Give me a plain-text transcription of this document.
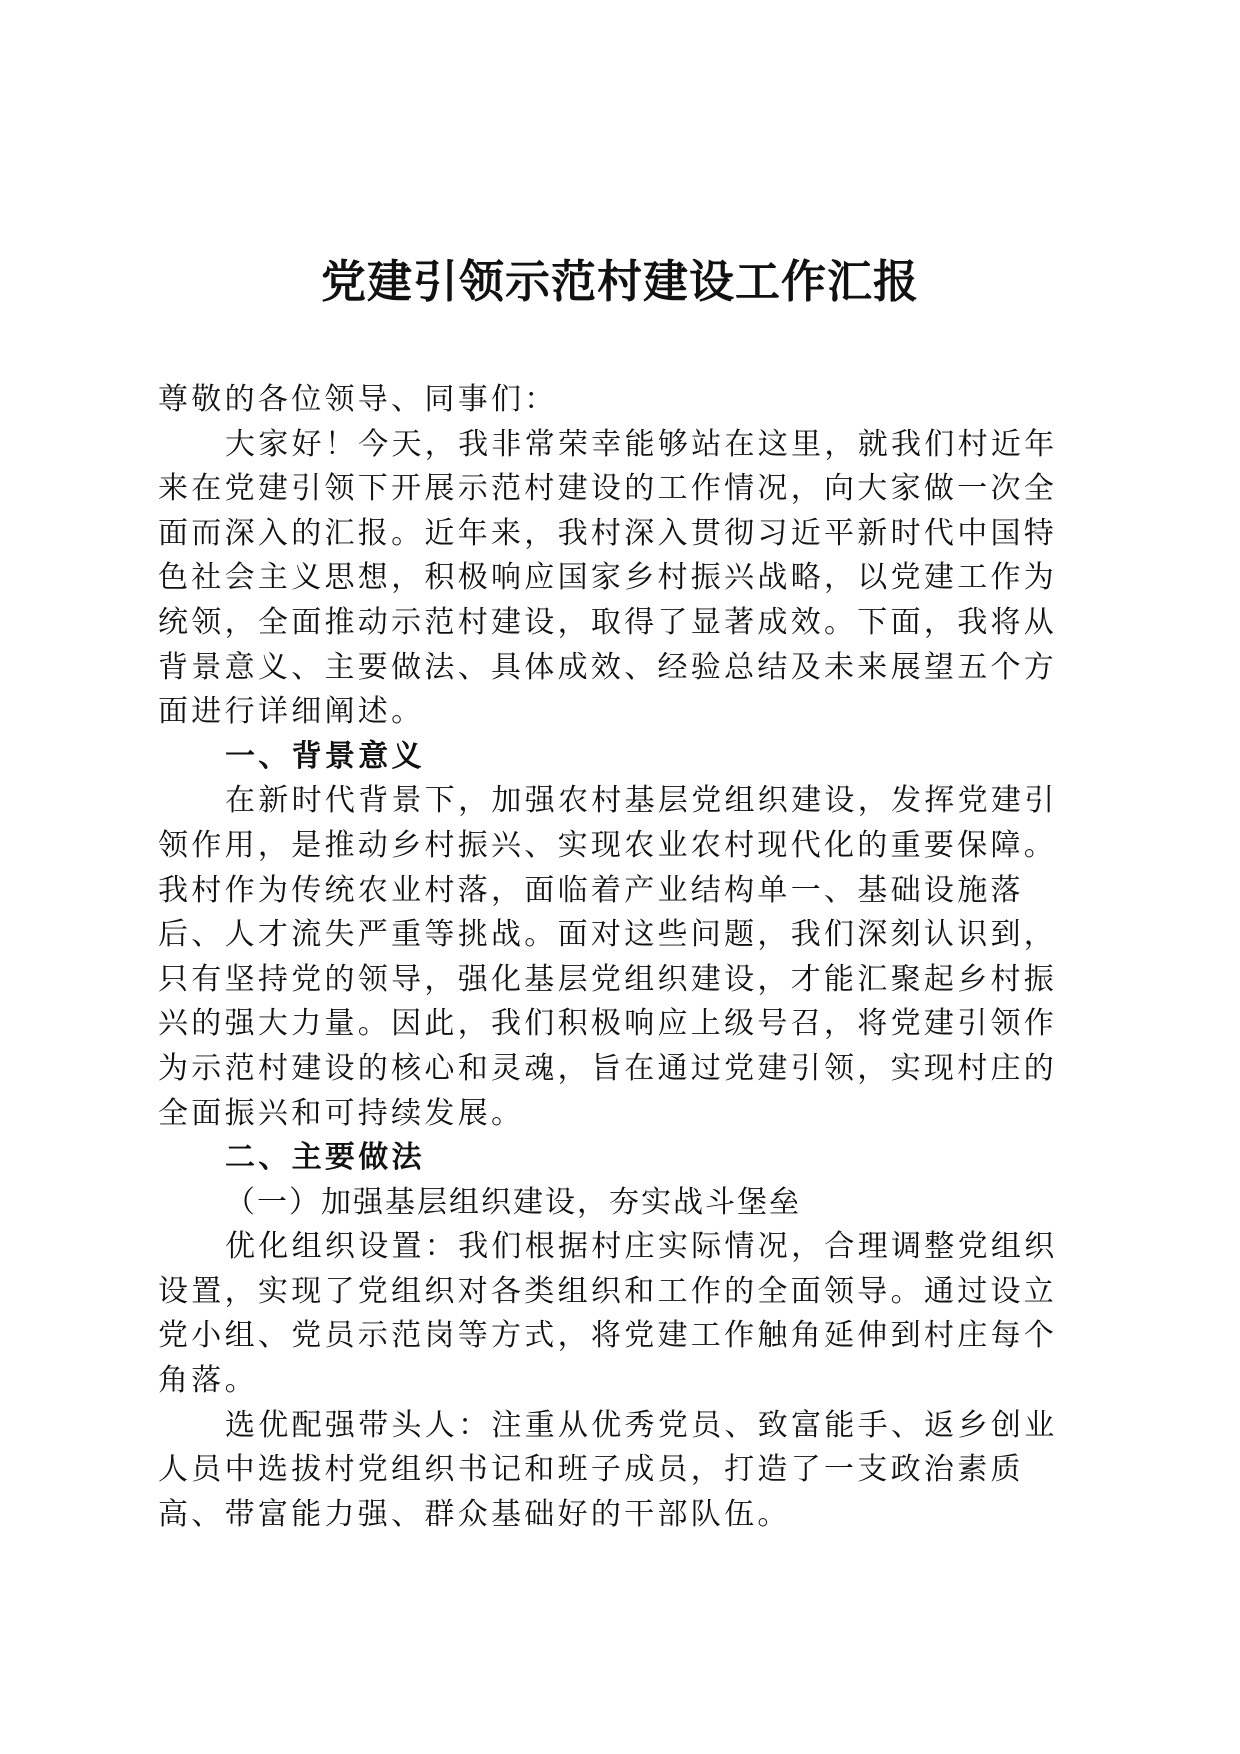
党建引领示范村建设工作汇报

尊敬的各位领导、同事们：

大家好！今天，我非常荣幸能够站在这里，就我们村近年来在党建引领下开展示范村建设的工作情况，向大家做一次全面而深入的汇报。近年来，我村深入贯彻习近平新时代中国特色社会主义思想，积极响应国家乡村振兴战略，以党建工作为统领，全面推动示范村建设，取得了显著成效。下面，我将从背景意义、主要做法、具体成效、经验总结及未来展望五个方面进行详细阐述。

一、背景意义

在新时代背景下，加强农村基层党组织建设，发挥党建引领作用，是推动乡村振兴、实现农业农村现代化的重要保障。我村作为传统农业村落，面临着产业结构单一、基础设施落后、人才流失严重等挑战。面对这些问题，我们深刻认识到，只有坚持党的领导，强化基层党组织建设，才能汇聚起乡村振兴的强大力量。因此，我们积极响应上级号召，将党建引领作为示范村建设的核心和灵魂，旨在通过党建引领，实现村庄的全面振兴和可持续发展。

二、主要做法

（一）加强基层组织建设，夯实战斗堡垒

优化组织设置：我们根据村庄实际情况，合理调整党组织设置，实现了党组织对各类组织和工作的全面领导。通过设立党小组、党员示范岗等方式，将党建工作触角延伸到村庄每个角落。

选优配强带头人：注重从优秀党员、致富能手、返乡创业人员中选拔村党组织书记和班子成员，打造了一支政治素质高、带富能力强、群众基础好的干部队伍。
